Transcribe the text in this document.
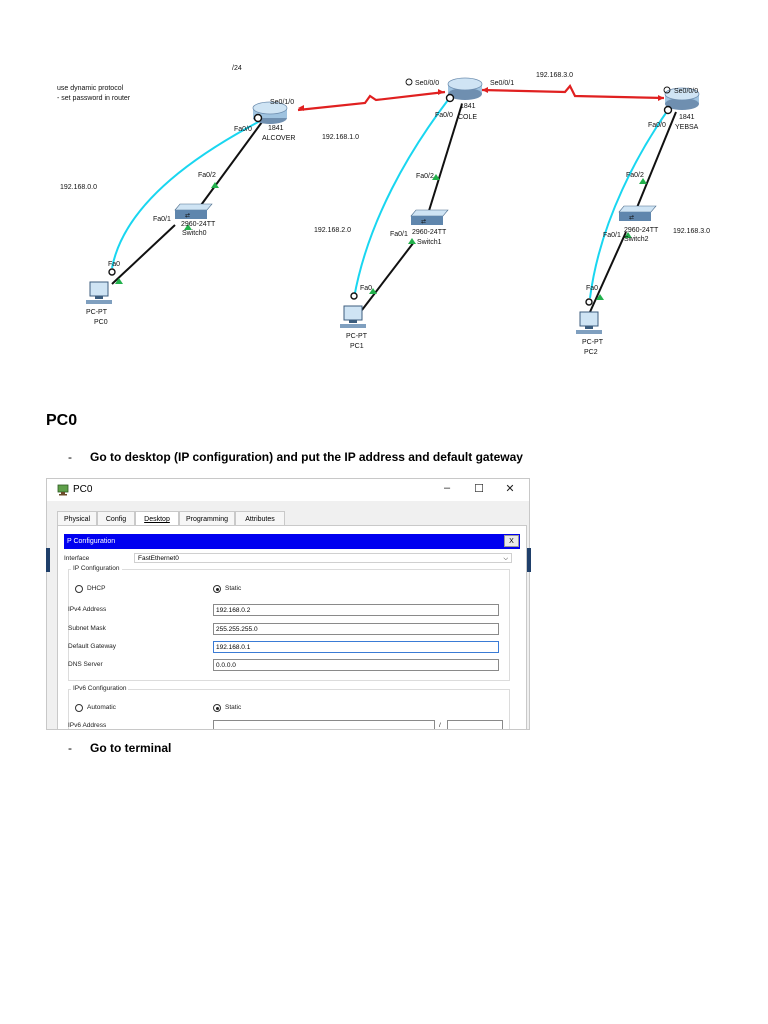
use dynamic protocol
- set password in router
/24
1841
ALCOVER
Se0/1/0
Fa0/0
1841
COLE
Se0/0/0	Se0/0/1
Fa0/0	1841
YEBSA
Se0/0/0
Fa0/0
⇄
2960-24TT
Switch0
Fa0/2
Fa0/1	⇄
2960-24TT
Switch1
Fa0/2
Fa0/1
⇄
2960-24TT
Switch2
Fa0/2
Fa0/1
Fa0
PC-PT
PC0
Fa0
PC-PT
PC1
Fa0
PC-PT
PC2
192.168.0.0
192.168.1.0
192.168.2.0
192.168.3.0
192.168.3.0
PC0
- Go to desktop (IP configuration) and put the IP address and default gateway
PC0	–	☐ ✕
Physical	Config	Desktop	Programming	Attributes
P Configuration	X
Interface	FastEthernet0	⌵
IP Configuration
DHCP	Static
IPv4 Address	192.168.0.2
Subnet Mask	255.255.255.0
Default Gateway	192.168.0.1
DNS Server	0.0.0.0
IPv6 Configuration
Automatic	Static
IPv6 Address	/
- Go to terminal
